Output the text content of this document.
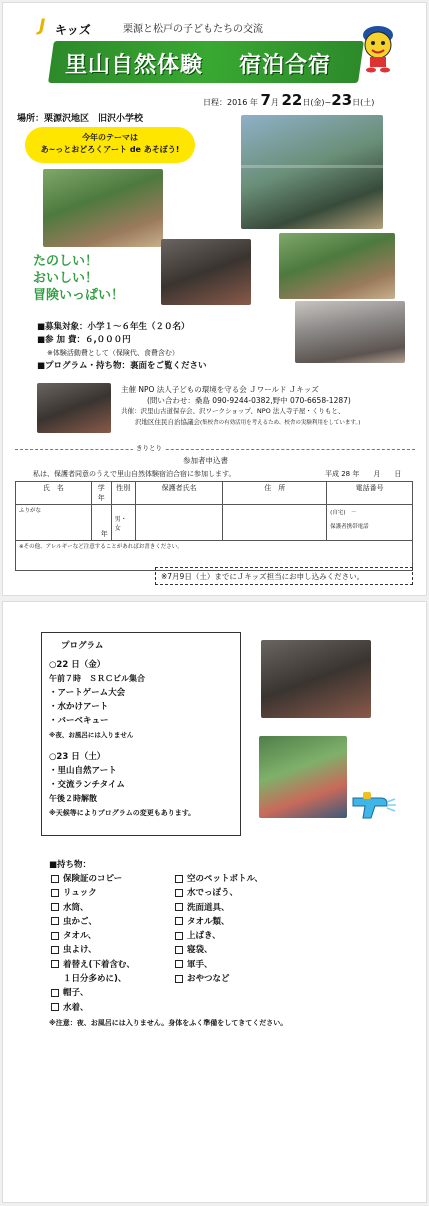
J キッズ	栗源と松戸の子どもたちの交流
里山自然体験 宿泊合宿
日程：2016 年 7月 22日(金)~23日(土)
場所：栗源沢地区　旧沢小学校
今年のテーマは
あ~っとおどろくアート de あそぼう!
たのしい！
おいしい！
冒険いっぱい！
■募集対象：小学１～６年生（２０名）
■参 加 費：６,０００円
※体験活動費として（保険代、食費含む）
■プログラム・持ち物：裏面をご覧ください
主催 NPO 法人子どもの環境を守る会 Ｊワールド Ｊキッズ
(問い合わせ：桑島 090-9244-0382,野中 070-6658-1287)
共催：沢里山古道保存会、沢ワークショップ、NPO 法人寺子屋・くりもと、
沢地区住民自治協議会(集校舎の有効活用を考えるため、校舎の実験利用をしています。)
きりとり
参加者申込書
私は、保護者同意のうえで里山自然体験宿泊合宿に参加します。	平成 28 年　　月　　日
氏　名	学年	性別	保護者氏名	住　所	電話番号
ふりがな	年	男・女			(自宅)　－
保護者携帯電話

※その他、アレルギーなど注意することがあればお書きください。					
※7月9日（土）までにＪキッズ担当にお申し込みください。
プログラム
○22 日（金）
午前７時　ＳＲＣビル集合
・アートゲーム大会
・水かけアート
・バーベキュー
※夜、お風呂には入りません
○23 日（土）
・里山自然アート
・交流ランチタイム
午後２時解散
※天候等によりプログラムの変更もあります。
■持ち物：
保険証のコピー
リュック
水筒、
虫かご、
タオル、
虫よけ、
着替え(下着含む、
１日分多めに)、
帽子、
水着、
空のペットボトル、
水でっぽう、
洗面道具、
タオル類、
上ばき、
寝袋、
軍手、
おやつなど
※注意：夜、お風呂には入りません。身体をふく準備をしてきてください。
